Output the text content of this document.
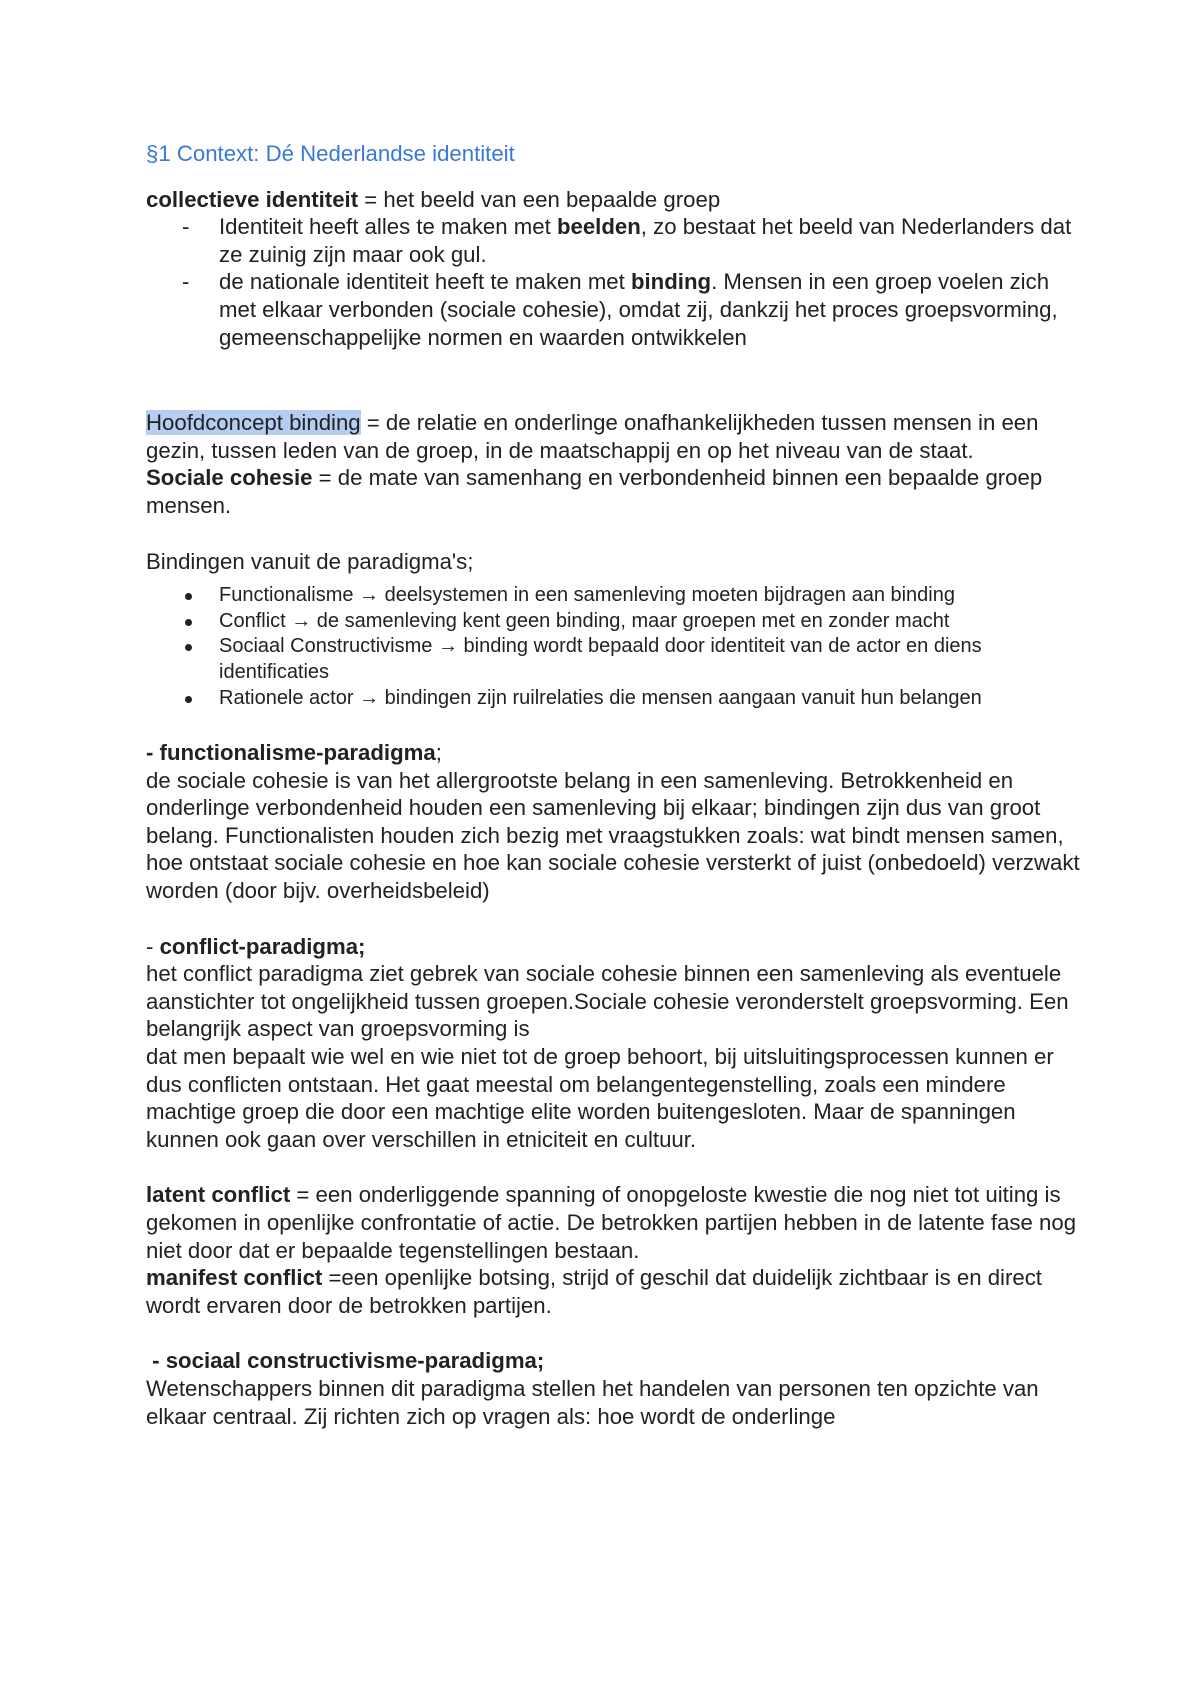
§1 Context: Dé Nederlandse identiteit
collectieve identiteit = het beeld van een bepaalde groep
- Identiteit heeft alles te maken met beelden, zo bestaat het beeld van Nederlanders dat ze zuinig zijn maar ook gul.
- de nationale identiteit heeft te maken met binding. Mensen in een groep voelen zich met elkaar verbonden (sociale cohesie), omdat zij, dankzij het proces groepsvorming, gemeenschappelijke normen en waarden ontwikkelen
Hoofdconcept binding = de relatie en onderlinge onafhankelijkheden tussen mensen in een gezin, tussen leden van de groep, in de maatschappij en op het niveau van de staat.
Sociale cohesie = de mate van samenhang en verbondenheid binnen een bepaalde groep mensen.
Bindingen vanuit de paradigma's;
Functionalisme → deelsystemen in een samenleving moeten bijdragen aan binding
Conflict → de samenleving kent geen binding, maar groepen met en zonder macht
Sociaal Constructivisme → binding wordt bepaald door identiteit van de actor en diens identificaties
Rationele actor → bindingen zijn ruilrelaties die mensen aangaan vanuit hun belangen
- functionalisme-paradigma;
de sociale cohesie is van het allergrootste belang in een samenleving. Betrokkenheid en onderlinge verbondenheid houden een samenleving bij elkaar; bindingen zijn dus van groot belang. Functionalisten houden zich bezig met vraagstukken zoals: wat bindt mensen samen, hoe ontstaat sociale cohesie en hoe kan sociale cohesie versterkt of juist (onbedoeld) verzwakt worden (door bijv. overheidsbeleid)
- conflict-paradigma;
het conflict paradigma ziet gebrek van sociale cohesie binnen een samenleving als eventuele aanstichter tot ongelijkheid tussen groepen.Sociale cohesie veronderstelt groepsvorming. Een belangrijk aspect van groepsvorming is
dat men bepaalt wie wel en wie niet tot de groep behoort, bij uitsluitingsprocessen kunnen er dus conflicten ontstaan. Het gaat meestal om belangentegenstelling, zoals een mindere machtige groep die door een machtige elite worden buitengesloten. Maar de spanningen kunnen ook gaan over verschillen in etniciteit en cultuur.
latent conflict = een onderliggende spanning of onopgeloste kwestie die nog niet tot uiting is gekomen in openlijke confrontatie of actie. De betrokken partijen hebben in de latente fase nog niet door dat er bepaalde tegenstellingen bestaan.
manifest conflict =een openlijke botsing, strijd of geschil dat duidelijk zichtbaar is en direct wordt ervaren door de betrokken partijen.
- sociaal constructivisme-paradigma;
Wetenschappers binnen dit paradigma stellen het handelen van personen ten opzichte van elkaar centraal. Zij richten zich op vragen als: hoe wordt de onderlinge
